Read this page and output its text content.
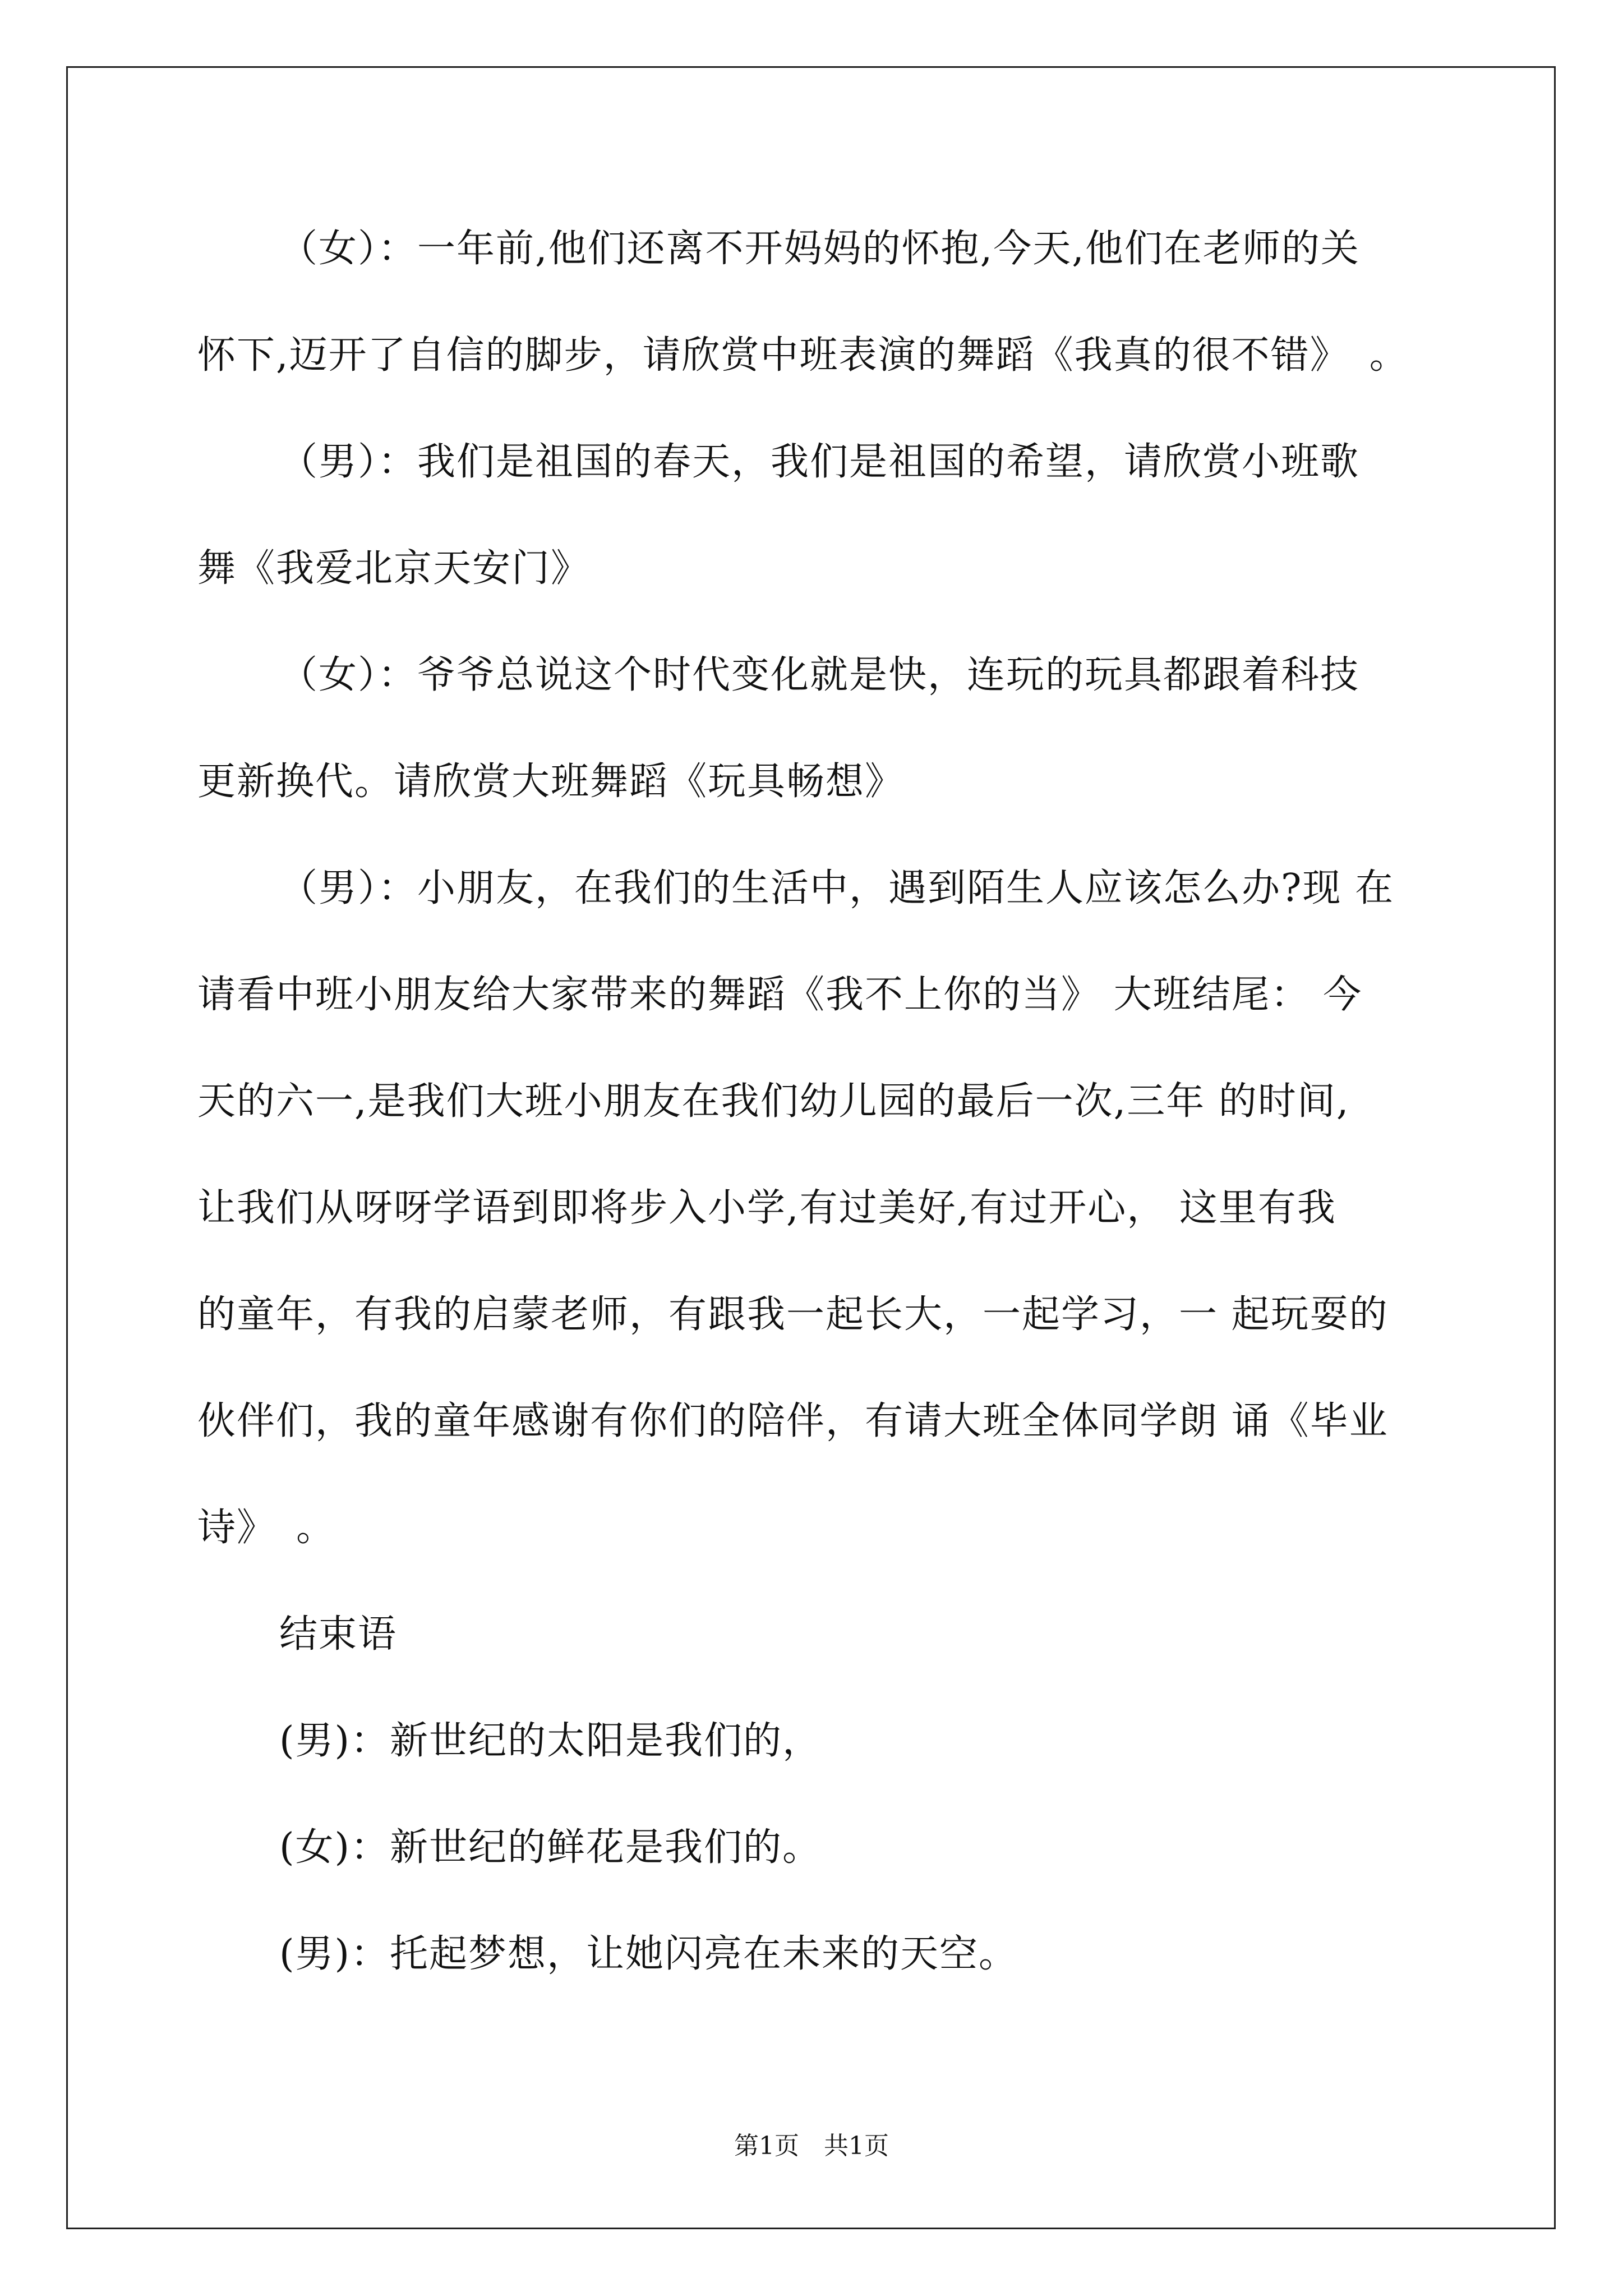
（女）：一年前,他们还离不开妈妈的怀抱,今天,他们在老师的关
怀下,迈开了自信的脚步，请欣赏中班表演的舞蹈《我真的很不错》　。
（男）：我们是祖国的春天，我们是祖国的希望，请欣赏小班歌
舞《我爱北京天安门》
（女）：爷爷总说这个时代变化就是快，连玩的玩具都跟着科技
更新换代。请欣赏大班舞蹈《玩具畅想》
（男）：小朋友，在我们的生活中，遇到陌生人应该怎么办?现 在
请看中班小朋友给大家带来的舞蹈《我不上你的当》 大班结尾： 今
天的六一,是我们大班小朋友在我们幼儿园的最后一次,三年 的时间,
让我们从呀呀学语到即将步入小学,有过美好,有过开心， 这里有我
的童年，有我的启蒙老师，有跟我一起长大，一起学习，一 起玩耍的
伙伴们，我的童年感谢有你们的陪伴，有请大班全体同学朗 诵《毕业
诗》　。
结束语
(男)：新世纪的太阳是我们的，
(女)：新世纪的鲜花是我们的。
(男)：托起梦想，让她闪亮在未来的天空。
第1页　共1页
